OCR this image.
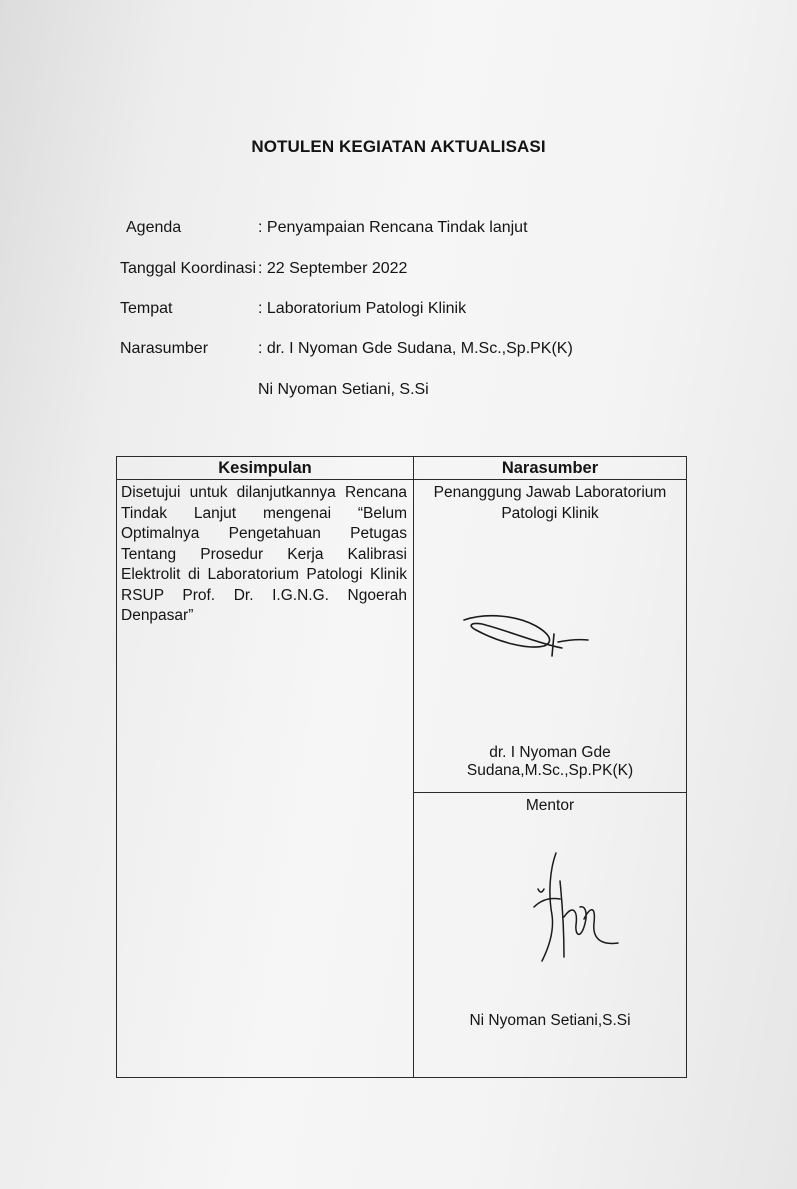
NOTULEN KEGIATAN AKTUALISASI
Agenda	: Penyampaian Rencana Tindak lanjut
Tanggal Koordinasi : 22 September 2022
Tempat	: Laboratorium Patologi Klinik
Narasumber	: dr. I Nyoman Gde Sudana, M.Sc.,Sp.PK(K)
Ni Nyoman Setiani, S.Si
Kesimpulan	Narasumber
Disetujui untuk dilanjutkannya Rencana Tindak Lanjut mengenai “Belum Optimalnya Pengetahuan Petugas Tentang Prosedur Kerja Kalibrasi Elektrolit di Laboratorium Patologi Klinik RSUP Prof. Dr. I.G.N.G. Ngoerah Denpasar”	Penanggung Jawab Laboratorium Patologi Klinik
dr. I Nyoman Gde Sudana,M.Sc.,Sp.PK(K)

	Mentor
Ni Nyoman Setiani,S.Si
